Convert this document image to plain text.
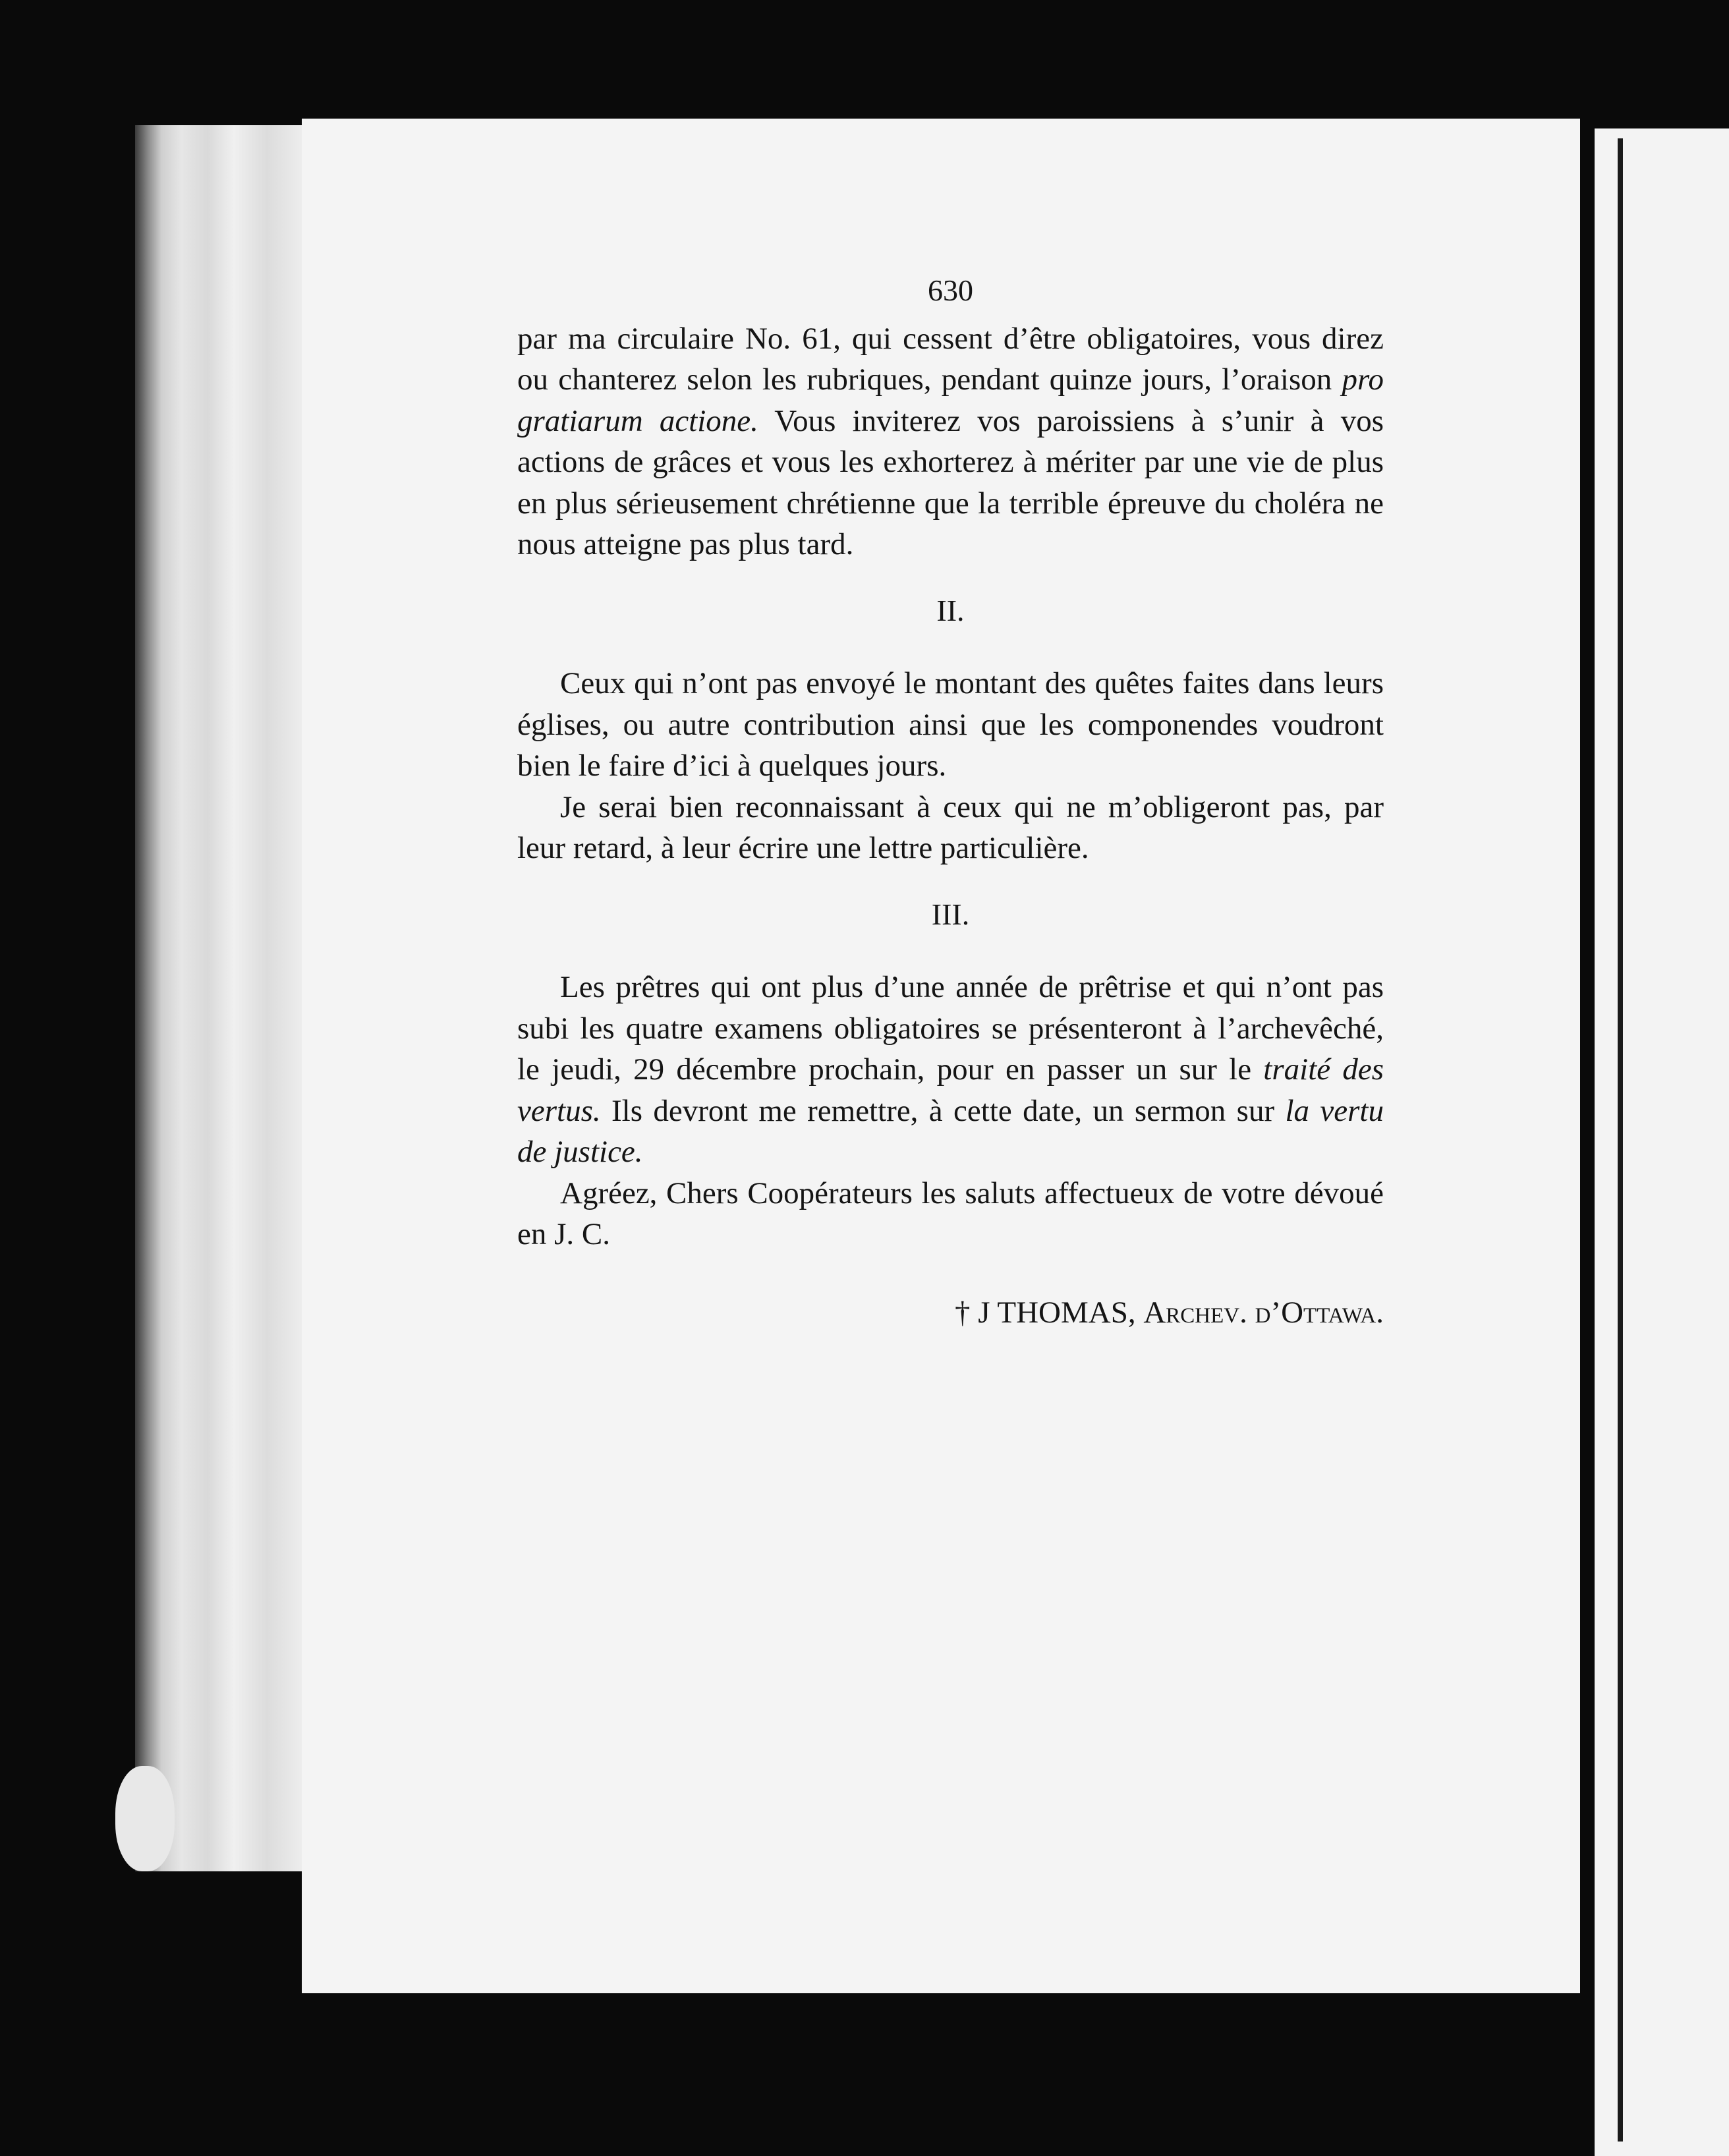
630

par ma circulaire No. 61, qui cessent d’être obligatoires, vous direz ou chanterez selon les rubriques, pendant quinze jours, l’oraison pro gratiarum actione. Vous inviterez vos paroissiens à s’unir à vos actions de grâces et vous les exhorterez à mériter par une vie de plus en plus sérieusement chrétienne que la terrible épreuve du choléra ne nous atteigne pas plus tard.

II.

Ceux qui n’ont pas envoyé le montant des quêtes faites dans leurs églises, ou autre contribution ainsi que les componendes voudront bien le faire d’ici à quelques jours.

Je serai bien reconnaissant à ceux qui ne m’obligeront pas, par leur retard, à leur écrire une lettre particulière.

III.

Les prêtres qui ont plus d’une année de prêtrise et qui n’ont pas subi les quatre examens obligatoires se présenteront à l’archevêché, le jeudi, 29 décembre prochain, pour en passer un sur le traité des vertus. Ils devront me remettre, à cette date, un sermon sur la vertu de justice.

Agréez, Chers Coopérateurs les saluts affectueux de votre dévoué en J. C.

† J THOMAS, Archev. d’Ottawa.
